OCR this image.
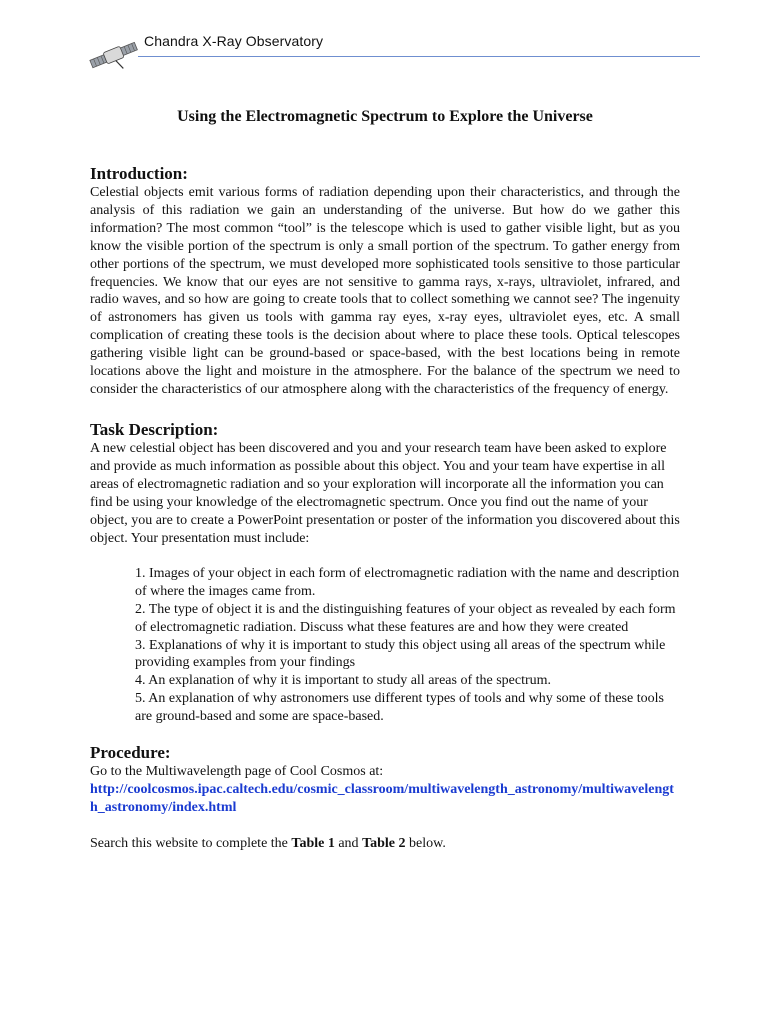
Chandra X-Ray Observatory
Using the Electromagnetic Spectrum to Explore the Universe
Introduction:

Celestial objects emit various forms of radiation depending upon their characteristics, and through the analysis of this radiation we gain an understanding of the universe. But how do we gather this information? The most common “tool” is the telescope which is used to gather visible light, but as you know the visible portion of the spectrum is only a small portion of the spectrum. To gather energy from other portions of the spectrum, we must developed more sophisticated tools sensitive to those particular frequencies. We know that our eyes are not sensitive to gamma rays, x-rays, ultraviolet, infrared, and radio waves, and so how are going to create tools that to collect something we cannot see? The ingenuity of astronomers has given us tools with gamma ray eyes, x-ray eyes, ultraviolet eyes, etc. A small complication of creating these tools is the decision about where to place these tools. Optical telescopes gathering visible light can be ground-based or space-based, with the best locations being in remote locations above the light and moisture in the atmosphere. For the balance of the spectrum we need to consider the characteristics of our atmosphere along with the characteristics of the frequency of energy.

Task Description:

A new celestial object has been discovered and you and your research team have been asked to explore and provide as much information as possible about this object. You and your team have expertise in all areas of electromagnetic radiation and so your exploration will incorporate all the information you can find be using your knowledge of the electromagnetic spectrum. Once you find out the name of your object, you are to create a PowerPoint presentation or poster of the information you discovered about this object. Your presentation must include:

1. Images of your object in each form of electromagnetic radiation with the name and description of where the images came from.
2. The type of object it is and the distinguishing features of your object as revealed by each form of electromagnetic radiation. Discuss what these features are and how they were created
3. Explanations of why it is important to study this object using all areas of the spectrum while providing examples from your findings
4. An explanation of why it is important to study all areas of the spectrum.
5. An explanation of why astronomers use different types of tools and why some of these tools are ground-based and some are space-based.
Procedure:

Go to the Multiwavelength page of Cool Cosmos at:

http://coolcosmos.ipac.caltech.edu/cosmic_classroom/multiwavelength_astronomy/multiwavelength_astronomy/index.html

Search this website to complete the Table 1 and Table 2 below.
